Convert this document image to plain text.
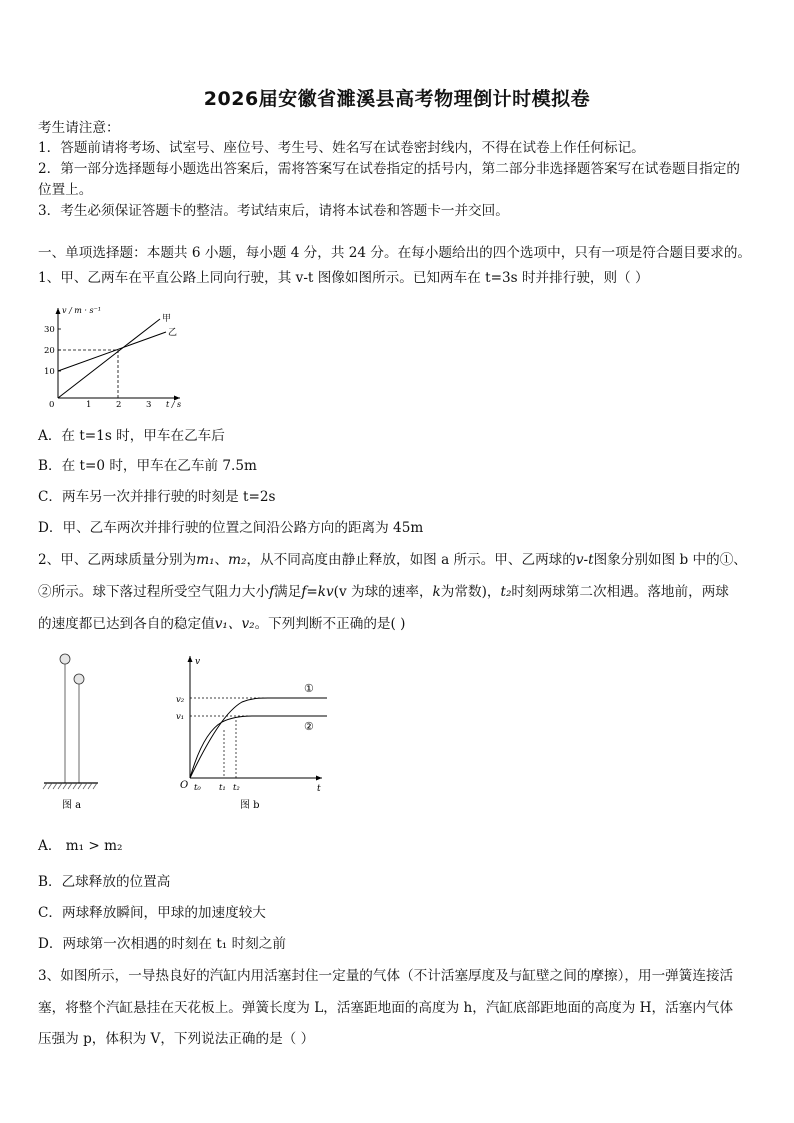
2026届安徽省濉溪县高考物理倒计时模拟卷
考生请注意：
1．答题前请将考场、试室号、座位号、考生号、姓名写在试卷密封线内，不得在试卷上作任何标记。
2．第一部分选择题每小题选出答案后，需将答案写在试卷指定的括号内，第二部分非选择题答案写在试卷题目指定的
位置上。
3．考生必须保证答题卡的整洁。考试结束后，请将本试卷和答题卡一并交回。
一、单项选择题：本题共 6 小题，每小题 4 分，共 24 分。在每小题给出的四个选项中，只有一项是符合题目要求的。
1、甲、乙两车在平直公路上同向行驶，其 v-t 图像如图所示。已知两车在 t=3s 时并排行驶，则（ ）
v / m · s⁻¹
30
20
10
0	1	2	3 t / s
甲
乙
A．在 t=1s 时，甲车在乙车后
B．在 t=0 时，甲车在乙车前 7.5m
C．两车另一次并排行驶的时刻是 t=2s
D．甲、乙车两次并排行驶的位置之间沿公路方向的距离为 45m
2、甲、乙两球质量分别为m₁、m₂，从不同高度由静止释放，如图 a 所示。甲、乙两球的v-t图象分别如图 b 中的①、
②所示。球下落过程所受空气阻力大小f满足f=kv(v 为球的速率，k为常数)，t₂时刻两球第二次相遇。落地前，两球
的速度都已达到各自的稳定值v₁、v₂。下列判断不正确的是( )
图 a
v
t
O
v₂
v₁
①
②
t₀ t₁ t₂
图 b
A． m₁ > m₂
B．乙球释放的位置高
C．两球释放瞬间，甲球的加速度较大
D．两球第一次相遇的时刻在 t₁ 时刻之前
3、如图所示，一导热良好的汽缸内用活塞封住一定量的气体（不计活塞厚度及与缸壁之间的摩擦），用一弹簧连接活
塞，将整个汽缸悬挂在天花板上。弹簧长度为 L，活塞距地面的高度为 h，汽缸底部距地面的高度为 H，活塞内气体
压强为 p，体积为 V，下列说法正确的是（ ）
